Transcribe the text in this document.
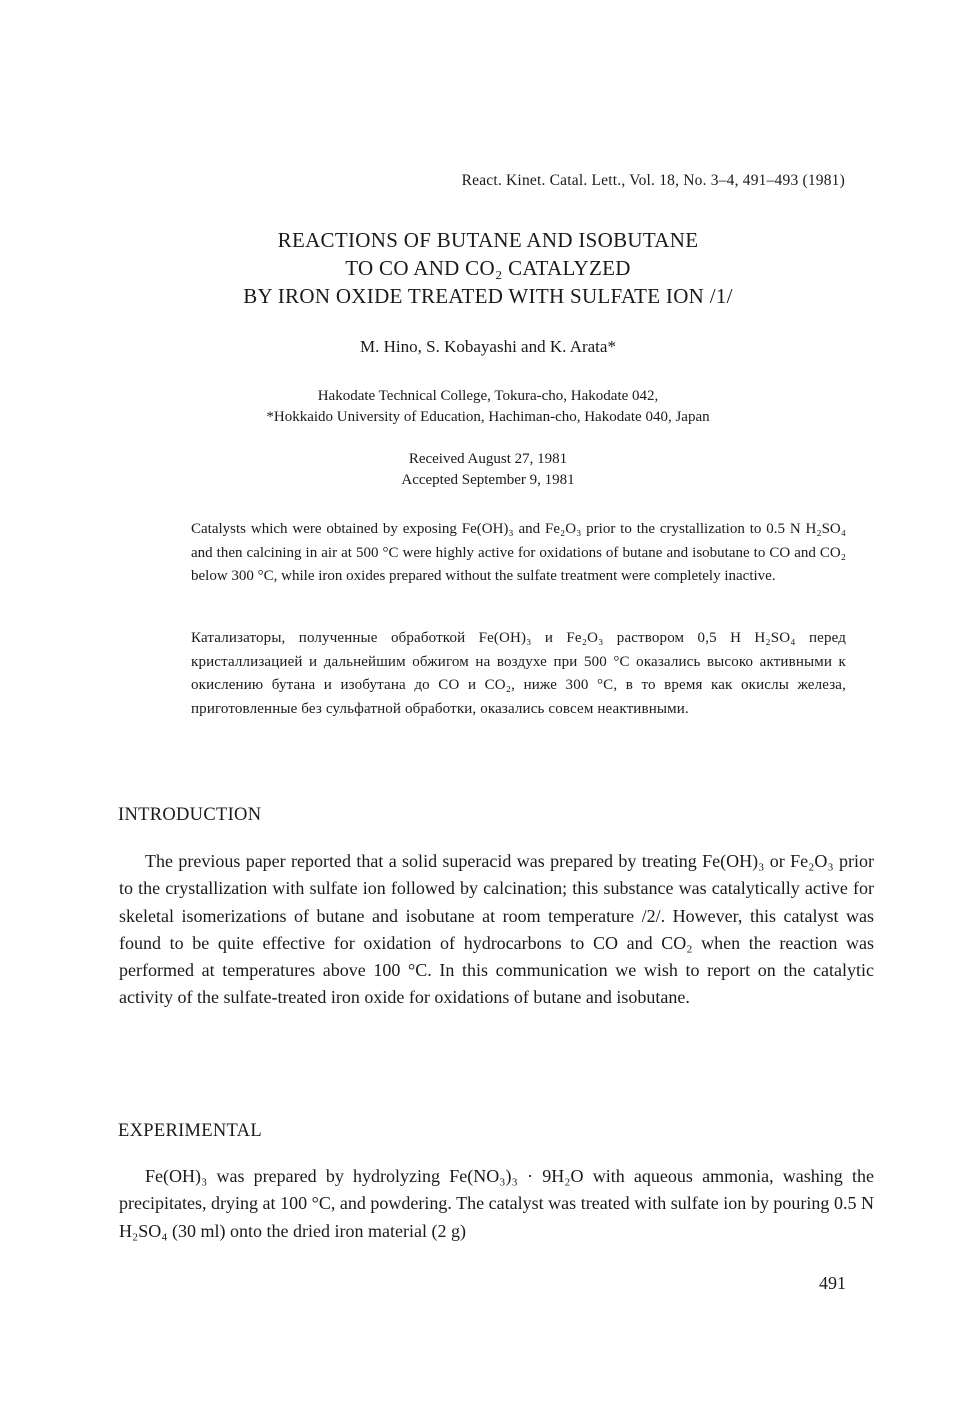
React. Kinet. Catal. Lett., Vol. 18, No. 3–4, 491–493 (1981)
REACTIONS OF BUTANE AND ISOBUTANE
TO CO AND CO₂ CATALYZED
BY IRON OXIDE TREATED WITH SULFATE ION /1/
M. Hino, S. Kobayashi and K. Arata*
Hakodate Technical College, Tokura-cho, Hakodate 042,
*Hokkaido University of Education, Hachiman-cho, Hakodate 040, Japan
Received August 27, 1981
Accepted September 9, 1981

Catalysts which were obtained by exposing Fe(OH)₃ and Fe₂O₃ prior to the crystallization to 0.5 N H₂SO₄ and then calcining in air at 500 °C were highly active for oxidations of butane and isobutane to CO and CO₂ below 300 °C, while iron oxides prepared without the sulfate treatment were completely inactive.

Катализаторы, полученные обработкой Fe(OH)₃ и Fe₂O₃ раствором 0,5 Н H₂SO₄ перед кристаллизацией и дальнейшим обжигом на воздухе при 500 °C оказались высоко активными к окислению бутана и изобутана до CO и CO₂, ниже 300 °C, в то время как окислы железа, приготовленные без сульфатной обработки, оказались совсем неактивными.

INTRODUCTION

The previous paper reported that a solid superacid was prepared by treating Fe(OH)₃ or Fe₂O₃ prior to the crystallization with sulfate ion followed by calcination; this substance was catalytically active for skeletal isomerizations of butane and isobutane at room temperature /2/. However, this catalyst was found to be quite effective for oxidation of hydrocarbons to CO and CO₂ when the reaction was performed at temperatures above 100 °C. In this communication we wish to report on the catalytic activity of the sulfate-treated iron oxide for oxidations of butane and isobutane.

EXPERIMENTAL

Fe(OH)₃ was prepared by hydrolyzing Fe(NO₃)₃ · 9H₂O with aqueous ammonia, washing the precipitates, drying at 100 °C, and powdering. The catalyst was treated with sulfate ion by pouring 0.5 N H₂SO₄ (30 ml) onto the dried iron material (2 g)

491
